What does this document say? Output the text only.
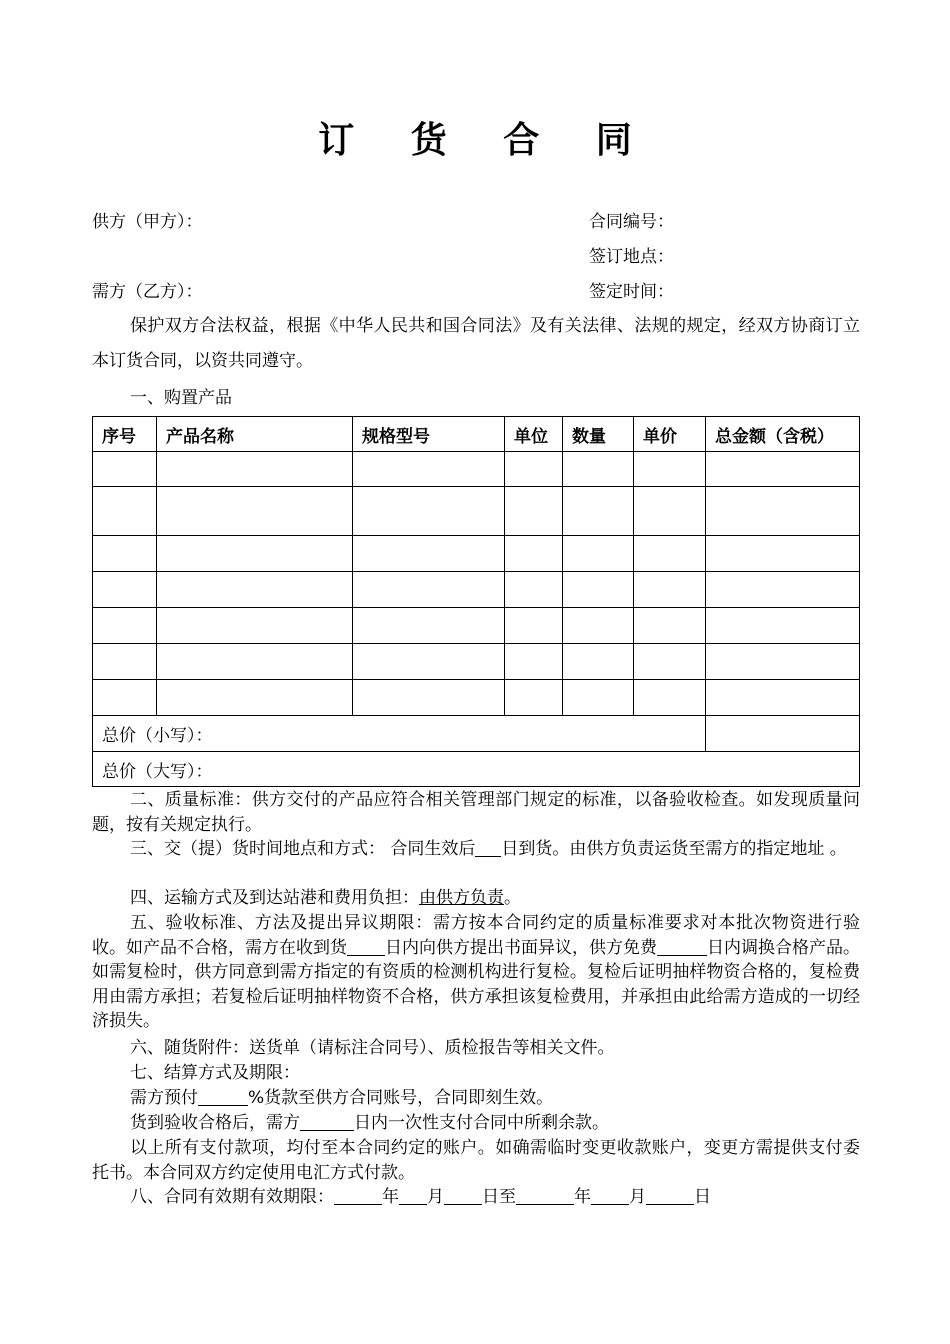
订 货 合 同
供方（甲方）：	合同编号：
签订地点：
需方（乙方）：	签定时间：
保护双方合法权益，根据《中华人民共和国合同法》及有关法律、法规的规定，经双方协商订立本订货合同，以资共同遵守。
一、购置产品
序号	产品名称	规格型号	单位	数量	单价	总金额（含税）

总价（小写）：						
总价（大写）：						
二、质量标准：供方交付的产品应符合相关管理部门规定的标准，以备验收检查。如发现质量问题，按有关规定执行。
三、交（提）货时间地点和方式： 合同生效后 日到货。由供方负责运货至需方的指定地址 。
四、运输方式及到达站港和费用负担：由供方负责。
五、验收标准、方法及提出异议期限：需方按本合同约定的质量标准要求对本批次物资进行验收。如产品不合格，需方在收到货 日内向供方提出书面异议，供方免费	日内调换合格产品。如需复检时，供方同意到需方指定的有资质的检测机构进行复检。复检后证明抽样物资合格的，复检费用由需方承担；若复检后证明抽样物资不合格，供方承担该复检费用，并承担由此给需方造成的一切经济损失。
六、随货附件：送货单（请标注合同号）、质检报告等相关文件。
七、结算方式及期限：
需方预付	%货款至供方合同账号，合同即刻生效。
货到验收合格后，需方	日内一次性支付合同中所剩余款。
以上所有支付款项，均付至本合同约定的账户。如确需临时变更收款账户，变更方需提供支付委托书。本合同双方约定使用电汇方式付款。
八、合同有效期有效期限：	年 月 日至	年 月	日
